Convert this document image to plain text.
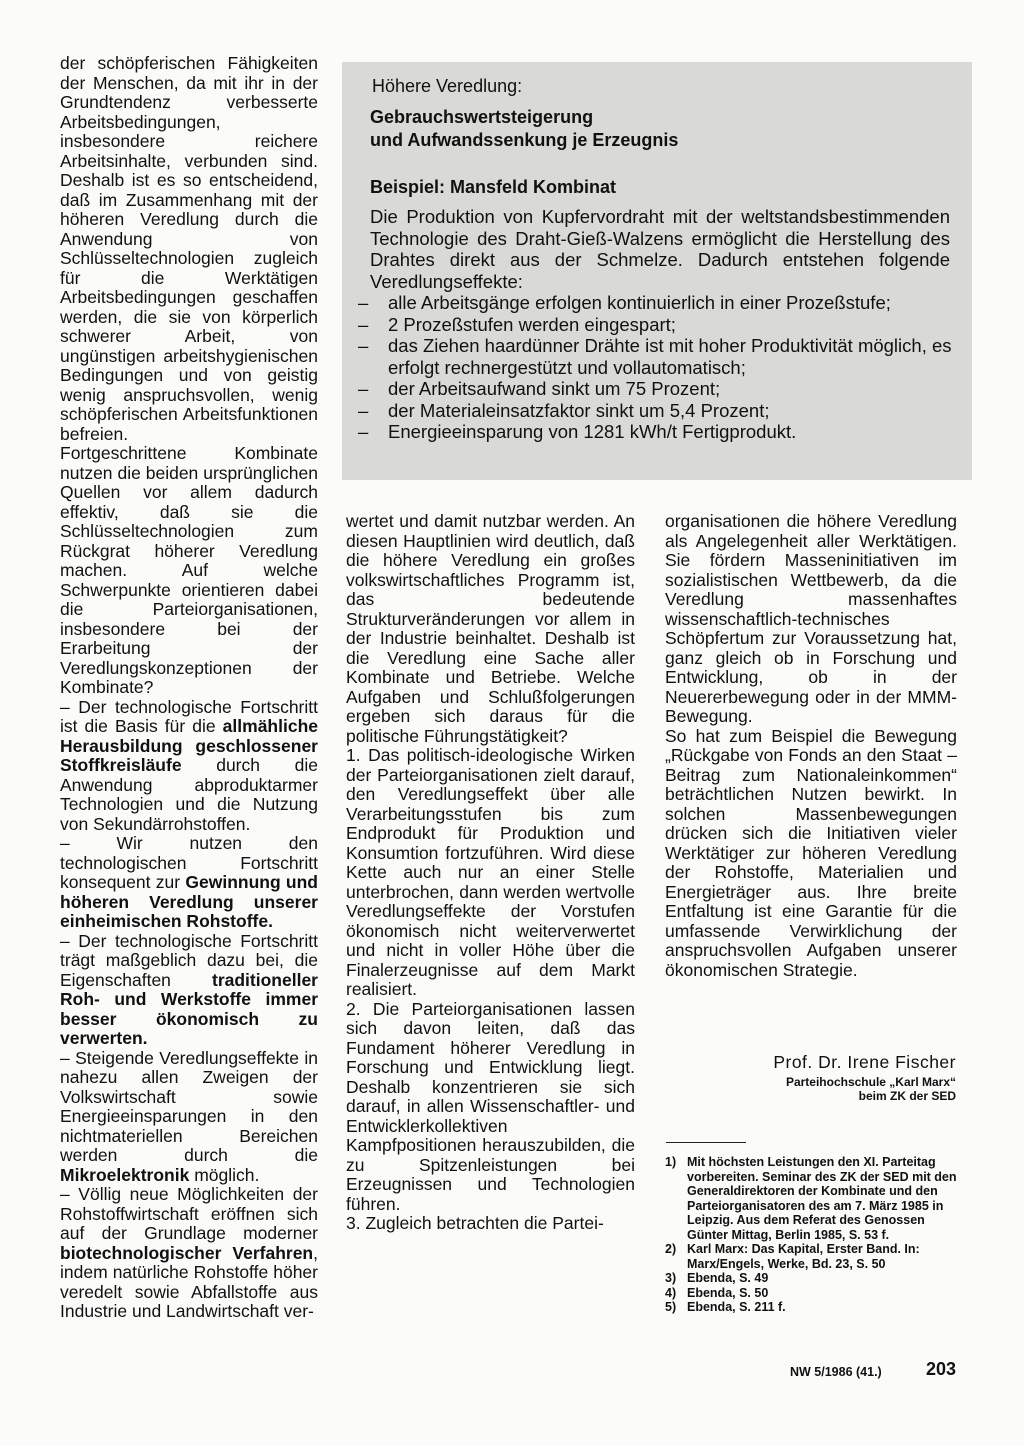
der schöpferischen Fähigkeiten der Menschen, da mit ihr in der Grundtendenz verbesserte Arbeitsbedingungen, insbesondere reichere Arbeitsinhalte, verbunden sind. Deshalb ist es so entscheidend, daß im Zusammenhang mit der höheren Veredlung durch die Anwendung von Schlüsseltechnologien zugleich für die Werktätigen Arbeitsbedingungen geschaffen werden, die sie von körperlich schwerer Arbeit, von ungünstigen arbeitshygienischen Bedingungen und von geistig wenig anspruchsvollen, wenig schöpferischen Arbeitsfunktionen befreien.

Fortgeschrittene Kombinate nutzen die beiden ursprünglichen Quellen vor allem dadurch effektiv, daß sie die Schlüsseltechnologien zum Rückgrat höherer Veredlung machen. Auf welche Schwerpunkte orientieren dabei die Parteiorganisationen, insbesondere bei der Erarbeitung der Veredlungskonzeptionen der Kombinate?

– Der technologische Fortschritt ist die Basis für die allmähliche Herausbildung geschlossener Stoffkreisläufe durch die Anwendung abproduktarmer Technologien und die Nutzung von Sekundärrohstoffen.

– Wir nutzen den technologischen Fortschritt konsequent zur Gewinnung und höheren Veredlung unserer einheimischen Rohstoffe.

– Der technologische Fortschritt trägt maßgeblich dazu bei, die Eigenschaften traditioneller Roh- und Werkstoffe immer besser ökonomisch zu verwerten.

– Steigende Veredlungseffekte in nahezu allen Zweigen der Volkswirtschaft sowie Energieeinsparungen in den nichtmateriellen Bereichen werden durch die Mikroelektronik möglich.

– Völlig neue Möglichkeiten der Rohstoffwirtschaft eröffnen sich auf der Grundlage moderner biotechnologischer Verfahren, indem natürliche Rohstoffe höher veredelt sowie Abfallstoffe aus Industrie und Landwirtschaft ver-

Höhere Veredlung:
Gebrauchswertsteigerung
und Aufwandssenkung je Erzeugnis
Beispiel: Mansfeld Kombinat
Die Produktion von Kupfervordraht mit der weltstandsbestimmenden Technologie des Draht-Gieß-Walzens ermöglicht die Herstellung des Drahtes direkt aus der Schmelze. Dadurch entstehen folgende Veredlungseffekte:
– alle Arbeitsgänge erfolgen kontinuierlich in einer Prozeßstufe;
– 2 Prozeßstufen werden eingespart;
– das Ziehen haardünner Drähte ist mit hoher Produktivität möglich, es erfolgt rechnergestützt und vollautomatisch;
– der Arbeitsaufwand sinkt um 75 Prozent;
– der Materialeinsatzfaktor sinkt um 5,4 Prozent;
– Energieeinsparung von 1281 kWh/t Fertigprodukt.

wertet und damit nutzbar werden. An diesen Hauptlinien wird deutlich, daß die höhere Veredlung ein großes volkswirtschaftliches Programm ist, das bedeutende Strukturveränderungen vor allem in der Industrie beinhaltet. Deshalb ist die Veredlung eine Sache aller Kombinate und Betriebe. Welche Aufgaben und Schlußfolgerungen ergeben sich daraus für die politische Führungstätigkeit?

1. Das politisch-ideologische Wirken der Parteiorganisationen zielt darauf, den Veredlungseffekt über alle Verarbeitungsstufen bis zum Endprodukt für Produktion und Konsumtion fortzuführen. Wird diese Kette auch nur an einer Stelle unterbrochen, dann werden wertvolle Veredlungseffekte der Vorstufen ökonomisch nicht weiterverwertet und nicht in voller Höhe über die Finalerzeugnisse auf dem Markt realisiert.

2. Die Parteiorganisationen lassen sich davon leiten, daß das Fundament höherer Veredlung in Forschung und Entwicklung liegt. Deshalb konzentrieren sie sich darauf, in allen Wissenschaftler- und Entwicklerkollektiven Kampfpositionen herauszubilden, die zu Spitzenleistungen bei Erzeugnissen und Technologien führen.

3. Zugleich betrachten die Partei-

organisationen die höhere Veredlung als Angelegenheit aller Werktätigen. Sie fördern Masseninitiativen im sozialistischen Wettbewerb, da die Veredlung massenhaftes wissenschaftlich-technisches Schöpfertum zur Voraussetzung hat, ganz gleich ob in Forschung und Entwicklung, ob in der Neuererbewegung oder in der MMM-Bewegung.

So hat zum Beispiel die Bewegung „Rückgabe von Fonds an den Staat – Beitrag zum Nationaleinkommen“ beträchtlichen Nutzen bewirkt. In solchen Massenbewegungen drücken sich die Initiativen vieler Werktätiger zur höheren Veredlung der Rohstoffe, Materialien und Energieträger aus. Ihre breite Entfaltung ist eine Garantie für die umfassende Verwirklichung der anspruchsvollen Aufgaben unserer ökonomischen Strategie.

Prof. Dr. Irene Fischer
Parteihochschule „Karl Marx“
beim ZK der SED
1) Mit höchsten Leistungen den XI. Parteitag vorbereiten. Seminar des ZK der SED mit den Generaldirektoren der Kombinate und den Parteiorganisatoren des am 7. März 1985 in Leipzig. Aus dem Referat des Genossen Günter Mittag, Berlin 1985, S. 53 f.
2) Karl Marx: Das Kapital, Erster Band. In: Marx/Engels, Werke, Bd. 23, S. 50
3) Ebenda, S. 49
4) Ebenda, S. 50
5) Ebenda, S. 211 f.
NW 5/1986 (41.) 203
